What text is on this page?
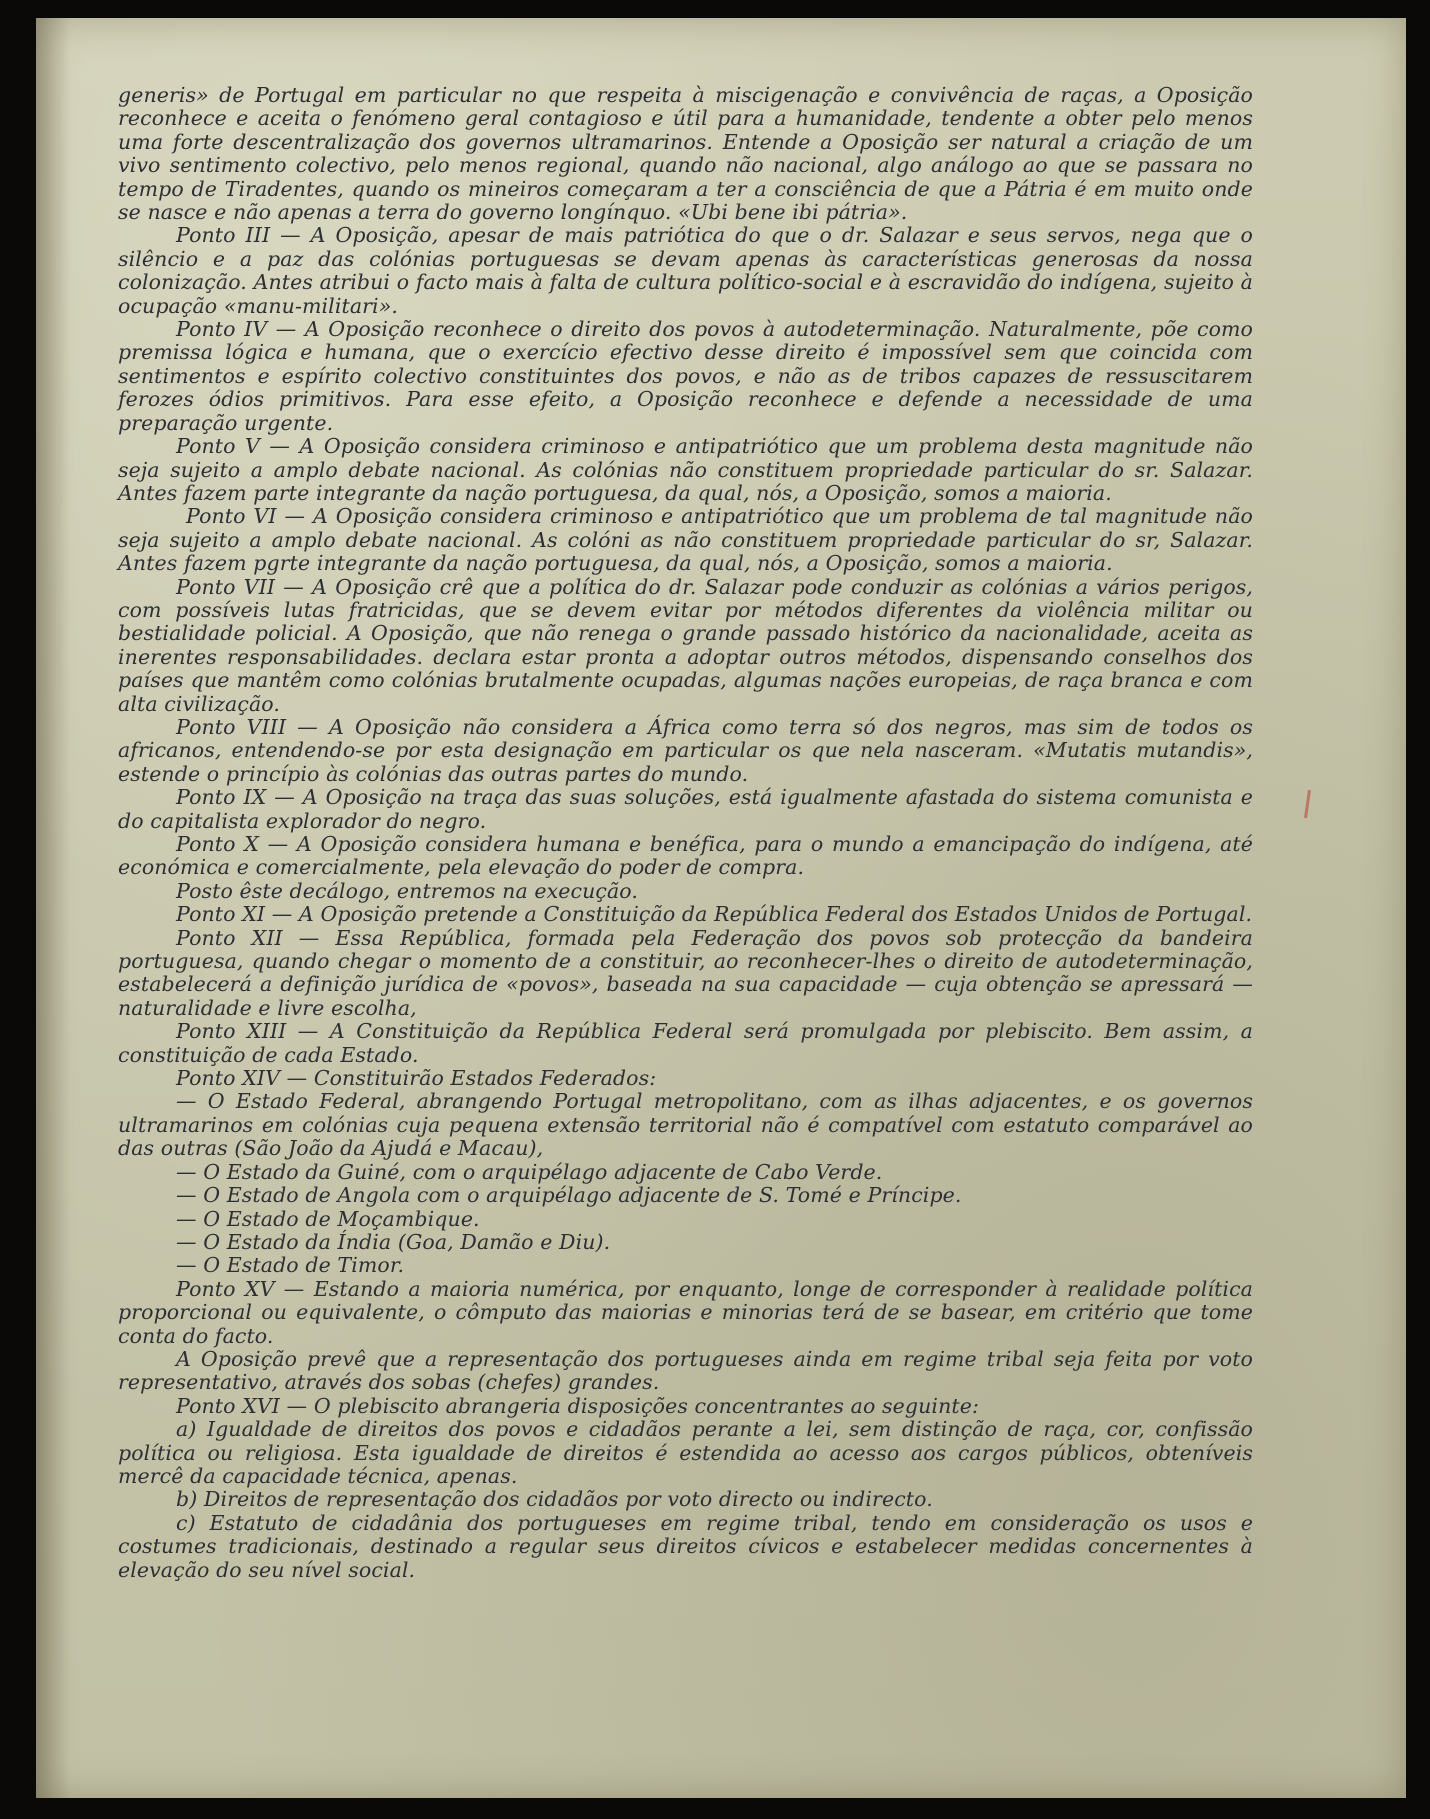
generis» de Portugal em particular no que respeita à miscigenação e convivência de raças, a Oposição reconhece e aceita o fenómeno geral contagioso e útil para a humanidade, tendente a obter pelo menos uma forte descentralização dos governos ultramarinos. Entende a Oposição ser natural a criação de um vivo sentimento colectivo, pelo menos regional, quando não nacional, algo análogo ao que se passara no tempo de Tiradentes, quando os mineiros começaram a ter a consciência de que a Pátria é em muito onde se nasce e não apenas a terra do governo longínquo. «Ubi bene ibi pátria».

Ponto III — A Oposição, apesar de mais patriótica do que o dr. Salazar e seus servos, nega que o silêncio e a paz das colónias portuguesas se devam apenas às características generosas da nossa colonização. Antes atribui o facto mais à falta de cultura político-social e à escravidão do indígena, sujeito à ocupação «manu-militari».

Ponto IV — A Oposição reconhece o direito dos povos à autodeterminação. Naturalmente, põe como premissa lógica e humana, que o exercício efectivo desse direito é impossível sem que coincida com sentimentos e espírito colectivo constituintes dos povos, e não as de tribos capazes de ressuscitarem ferozes ódios primitivos. Para esse efeito, a Oposição reconhece e defende a necessidade de uma preparação urgente.

Ponto V — A Oposição considera criminoso e antipatriótico que um problema desta magnitude não seja sujeito a amplo debate nacional. As colónias não constituem propriedade particular do sr. Salazar. Antes fazem parte integrante da nação portuguesa, da qual, nós, a Oposição, somos a maioria.

Ponto VI — A Oposição considera criminoso e antipatriótico que um problema de tal magnitude não seja sujeito a amplo debate nacional. As colóni as não constituem propriedade particular do sr, Salazar. Antes fazem pgrte integrante da nação portuguesa, da qual, nós, a Oposição, somos a maioria.

Ponto VII — A Oposição crê que a política do dr. Salazar pode conduzir as colónias a vários perigos, com possíveis lutas fratricidas, que se devem evitar por métodos diferentes da violência militar ou bestialidade policial. A Oposição, que não renega o grande passado histórico da nacionalidade, aceita as inerentes responsabilidades. declara estar pronta a adoptar outros métodos, dispensando conselhos dos países que mantêm como colónias brutalmente ocupadas, algumas nações europeias, de raça branca e com alta civilização.

Ponto VIII — A Oposição não considera a África como terra só dos negros, mas sim de todos os africanos, entendendo-se por esta designação em particular os que nela nasceram. «Mutatis mutandis», estende o princípio às colónias das outras partes do mundo.

Ponto IX — A Oposição na traça das suas soluções, está igualmente afastada do sistema comunista e do capitalista explorador do negro.

Ponto X — A Oposição considera humana e benéfica, para o mundo a emancipação do indígena, até económica e comercialmente, pela elevação do poder de compra.

Posto êste decálogo, entremos na execução.

Ponto XI — A Oposição pretende a Constituição da República Federal dos Estados Unidos de Portugal.

Ponto XII — Essa República, formada pela Federação dos povos sob protecção da bandeira portuguesa, quando chegar o momento de a constituir, ao reconhecer-lhes o direito de autodeterminação, estabelecerá a definição jurídica de «povos», baseada na sua capacidade — cuja obtenção se apressará — naturalidade e livre escolha,

Ponto XIII — A Constituição da República Federal será promulgada por plebiscito. Bem assim, a constituição de cada Estado.

Ponto XIV — Constituirão Estados Federados:

— O Estado Federal, abrangendo Portugal metropolitano, com as ilhas adjacentes, e os governos ultramarinos em colónias cuja pequena extensão territorial não é compatível com estatuto comparável ao das outras (São João da Ajudá e Macau),

— O Estado da Guiné, com o arquipélago adjacente de Cabo Verde.

— O Estado de Angola com o arquipélago adjacente de S. Tomé e Príncipe.

— O Estado de Moçambique.

— O Estado da Índia (Goa, Damão e Diu).

— O Estado de Timor.

Ponto XV — Estando a maioria numérica, por enquanto, longe de corresponder à realidade política proporcional ou equivalente, o cômputo das maiorias e minorias terá de se basear, em critério que tome conta do facto.

A Oposição prevê que a representação dos portugueses ainda em regime tribal seja feita por voto representativo, através dos sobas (chefes) grandes.

Ponto XVI — O plebiscito abrangeria disposições concentrantes ao seguinte:

a) Igualdade de direitos dos povos e cidadãos perante a lei, sem distinção de raça, cor, confissão política ou religiosa. Esta igualdade de direitos é estendida ao acesso aos cargos públicos, obteníveis mercê da capacidade técnica, apenas.

b) Direitos de representação dos cidadãos por voto directo ou indirecto.

c) Estatuto de cidadânia dos portugueses em regime tribal, tendo em consideração os usos e costumes tradicionais, destinado a regular seus direitos cívicos e estabelecer medidas concernentes à elevação do seu nível social.
